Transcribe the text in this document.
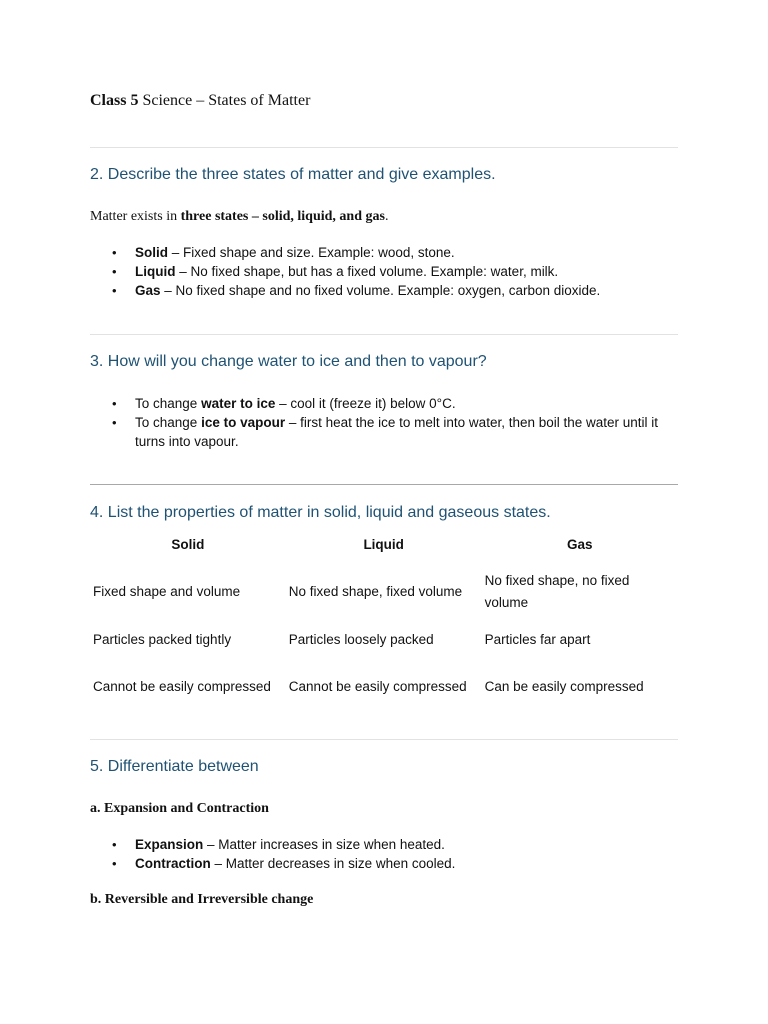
Class 5 Science – States of Matter
2. Describe the three states of matter and give examples.
Matter exists in three states – solid, liquid, and gas.
• Solid – Fixed shape and size. Example: wood, stone.
• Liquid – No fixed shape, but has a fixed volume. Example: water, milk.
• Gas – No fixed shape and no fixed volume. Example: oxygen, carbon dioxide.
3. How will you change water to ice and then to vapour?
• To change water to ice – cool it (freeze it) below 0°C.
• To change ice to vapour – first heat the ice to melt into water, then boil the water until it turns into vapour.
4. List the properties of matter in solid, liquid and gaseous states.
Solid	Liquid	Gas
Fixed shape and volume	No fixed shape, fixed volume	No fixed shape, no fixed volume
Particles packed tightly	Particles loosely packed	Particles far apart
Cannot be easily compressed	Cannot be easily compressed	Can be easily compressed
5. Differentiate between
a. Expansion and Contraction
• Expansion – Matter increases in size when heated.
• Contraction – Matter decreases in size when cooled.
b. Reversible and Irreversible change
